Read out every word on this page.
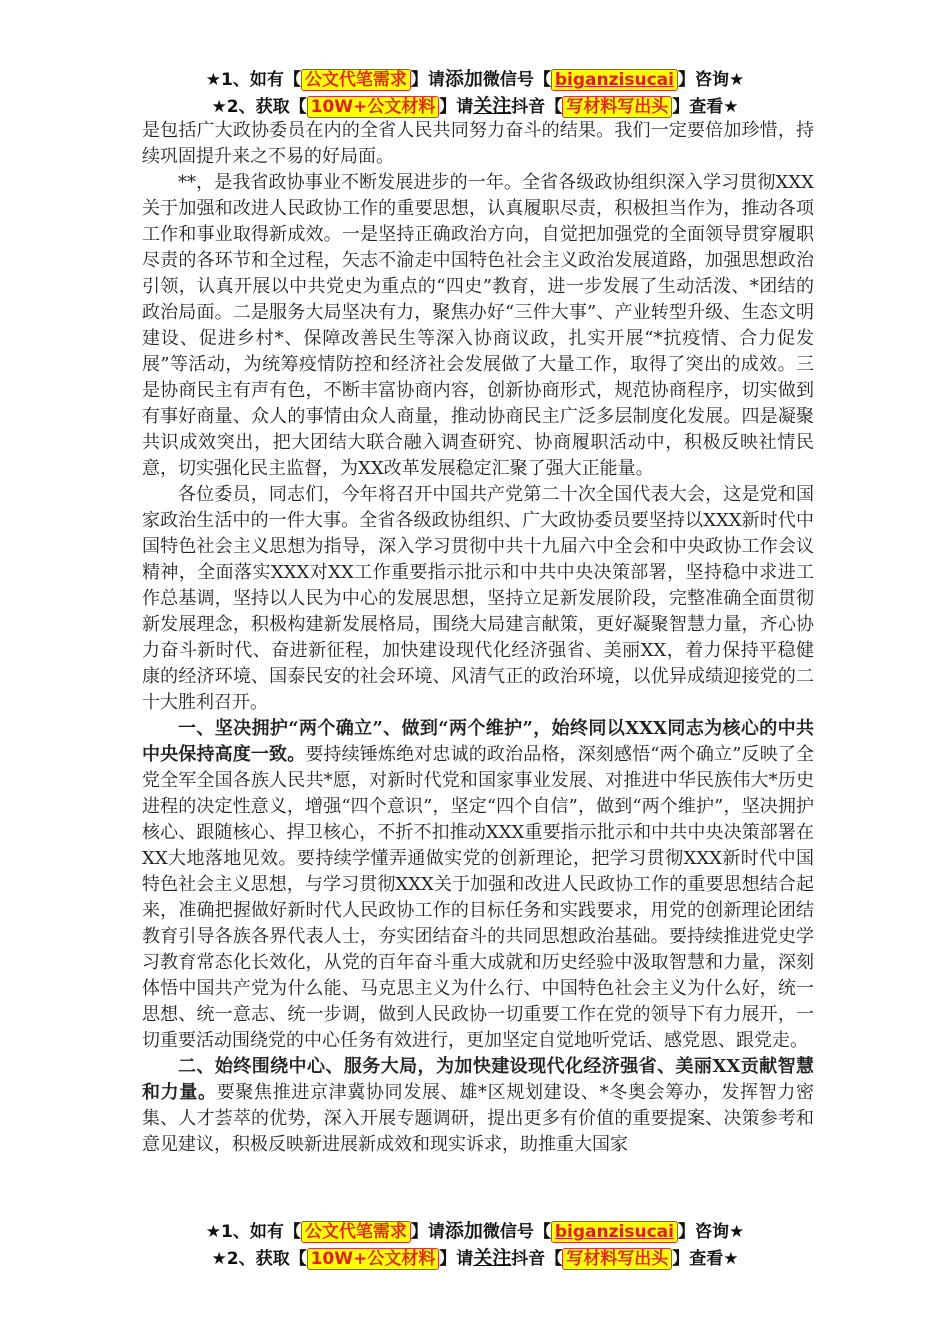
★1、如有【 公文代笔需求 】请添加微信号【 biganzisucai 】咨询★
★2、获取【 10W+公文材料 】请关注抖音【 写材料写出头 】查看★

是包括广大政协委员在内的全省人民共同努力奋斗的结果。我们一定要倍加珍惜，持续巩固提升来之不易的好局面。

**，是我省政协事业不断发展进步的一年。全省各级政协组织深入学习贯彻XXX关于加强和改进人民政协工作的重要思想，认真履职尽责，积极担当作为，推动各项工作和事业取得新成效。一是坚持正确政治方向，自觉把加强党的全面领导贯穿履职尽责的各环节和全过程，矢志不渝走中国特色社会主义政治发展道路，加强思想政治引领，认真开展以中共党史为重点的“四史”教育，进一步发展了生动活泼、*团结的政治局面。二是服务大局坚决有力，聚焦办好“三件大事”、产业转型升级、生态文明建设、促进乡村*、保障改善民生等深入协商议政，扎实开展“*抗疫情、合力促发展”等活动，为统筹疫情防控和经济社会发展做了大量工作，取得了突出的成效。三是协商民主有声有色，不断丰富协商内容，创新协商形式，规范协商程序，切实做到有事好商量、众人的事情由众人商量，推动协商民主广泛多层制度化发展。四是凝聚共识成效突出，把大团结大联合融入调查研究、协商履职活动中，积极反映社情民意，切实强化民主监督，为XX改革发展稳定汇聚了强大正能量。

各位委员，同志们，今年将召开中国共产党第二十次全国代表大会，这是党和国家政治生活中的一件大事。全省各级政协组织、广大政协委员要坚持以XXX新时代中国特色社会主义思想为指导，深入学习贯彻中共十九届六中全会和中央政协工作会议精神，全面落实XXX对XX工作重要指示批示和中共中央决策部署，坚持稳中求进工作总基调，坚持以人民为中心的发展思想，坚持立足新发展阶段，完整准确全面贯彻新发展理念，积极构建新发展格局，围绕大局建言献策，更好凝聚智慧力量，齐心协力奋斗新时代、奋进新征程，加快建设现代化经济强省、美丽XX，着力保持平稳健康的经济环境、国泰民安的社会环境、风清气正的政治环境，以优异成绩迎接党的二十大胜利召开。

一、坚决拥护“两个确立”、做到“两个维护”，始终同以XXX同志为核心的中共中央保持高度一致。要持续锤炼绝对忠诚的政治品格，深刻感悟“两个确立”反映了全党全军全国各族人民共*愿，对新时代党和国家事业发展、对推进中华民族伟大*历史进程的决定性意义，增强“四个意识”，坚定“四个自信”，做到“两个维护”，坚决拥护核心、跟随核心、捍卫核心，不折不扣推动XXX重要指示批示和中共中央决策部署在XX大地落地见效。要持续学懂弄通做实党的创新理论，把学习贯彻XXX新时代中国特色社会主义思想，与学习贯彻XXX关于加强和改进人民政协工作的重要思想结合起来，准确把握做好新时代人民政协工作的目标任务和实践要求，用党的创新理论团结教育引导各族各界代表人士，夯实团结奋斗的共同思想政治基础。要持续推进党史学习教育常态化长效化，从党的百年奋斗重大成就和历史经验中汲取智慧和力量，深刻体悟中国共产党为什么能、马克思主义为什么行、中国特色社会主义为什么好，统一思想、统一意志、统一步调，做到人民政协一切重要工作在党的领导下有力展开，一切重要活动围绕党的中心任务有效进行，更加坚定自觉地听党话、感党恩、跟党走。

二、始终围绕中心、服务大局，为加快建设现代化经济强省、美丽XX贡献智慧和力量。要聚焦推进京津冀协同发展、雄*区规划建设、*冬奥会筹办，发挥智力密集、人才荟萃的优势，深入开展专题调研，提出更多有价值的重要提案、决策参考和意见建议，积极反映新进展新成效和现实诉求，助推重大国家

★1、如有【 公文代笔需求 】请添加微信号【 biganzisucai 】咨询★
★2、获取【 10W+公文材料 】请关注抖音【 写材料写出头 】查看★
